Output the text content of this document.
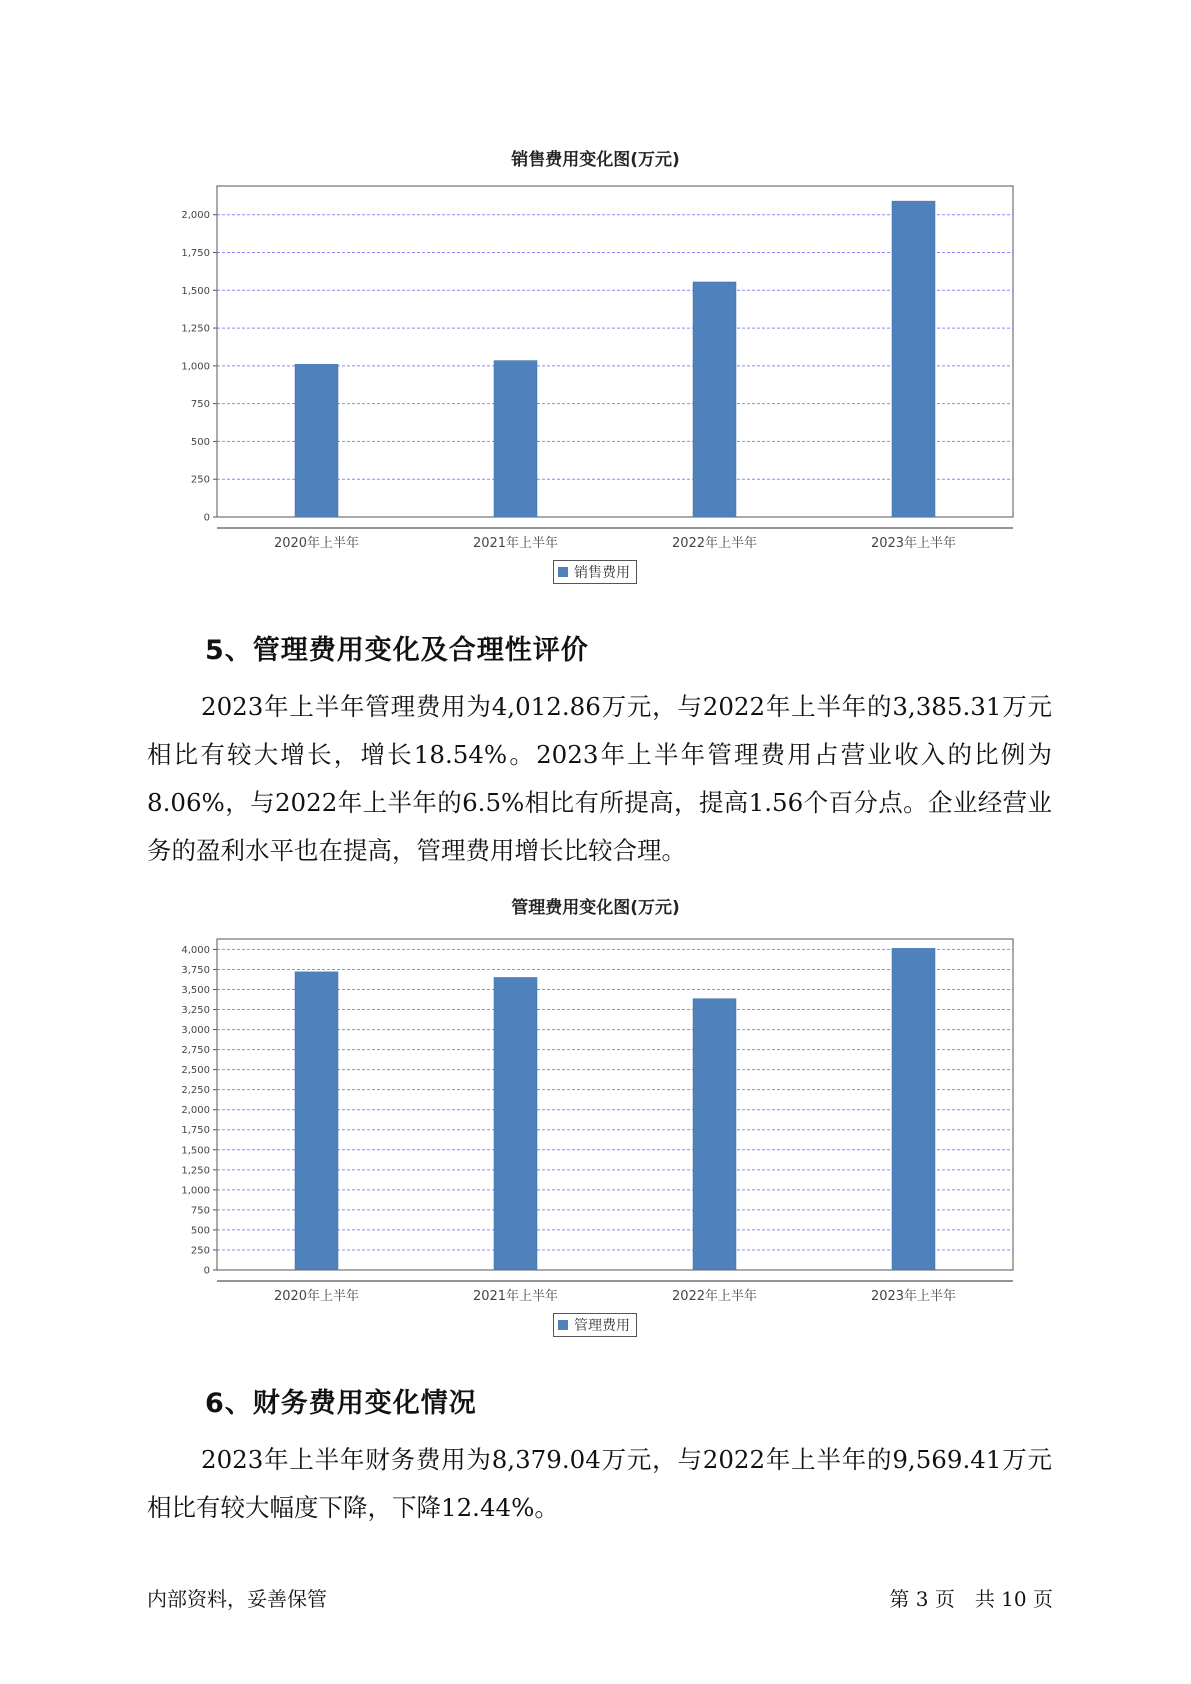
销售费用变化图(万元)
0
250
500
750
1,000
1,250
1,500
1,750
2,000
2020年上半年	2021年上半年	2022年上半年	2023年上半年
销售费用
5、管理费用变化及合理性评价

2023年上半年管理费用为4,012.86万元，与2022年上半年的3,385.31万元相比有较大增长，增长18.54%。2023年上半年管理费用占营业收入的比例为8.06%，与2022年上半年的6.5%相比有所提高，提高1.56个百分点。企业经营业务的盈利水平也在提高，管理费用增长比较合理。

管理费用变化图(万元)
0
250
500
750
1,000
1,250
1,500
1,750
2,000
2,250
2,500
2,750
3,000
3,250
3,500
3,750
4,000
2020年上半年	2021年上半年	2022年上半年	2023年上半年
管理费用
6、财务费用变化情况

2023年上半年财务费用为8,379.04万元，与2022年上半年的9,569.41万元相比有较大幅度下降，下降12.44%。

内部资料，妥善保管	第 3 页　共 10 页
